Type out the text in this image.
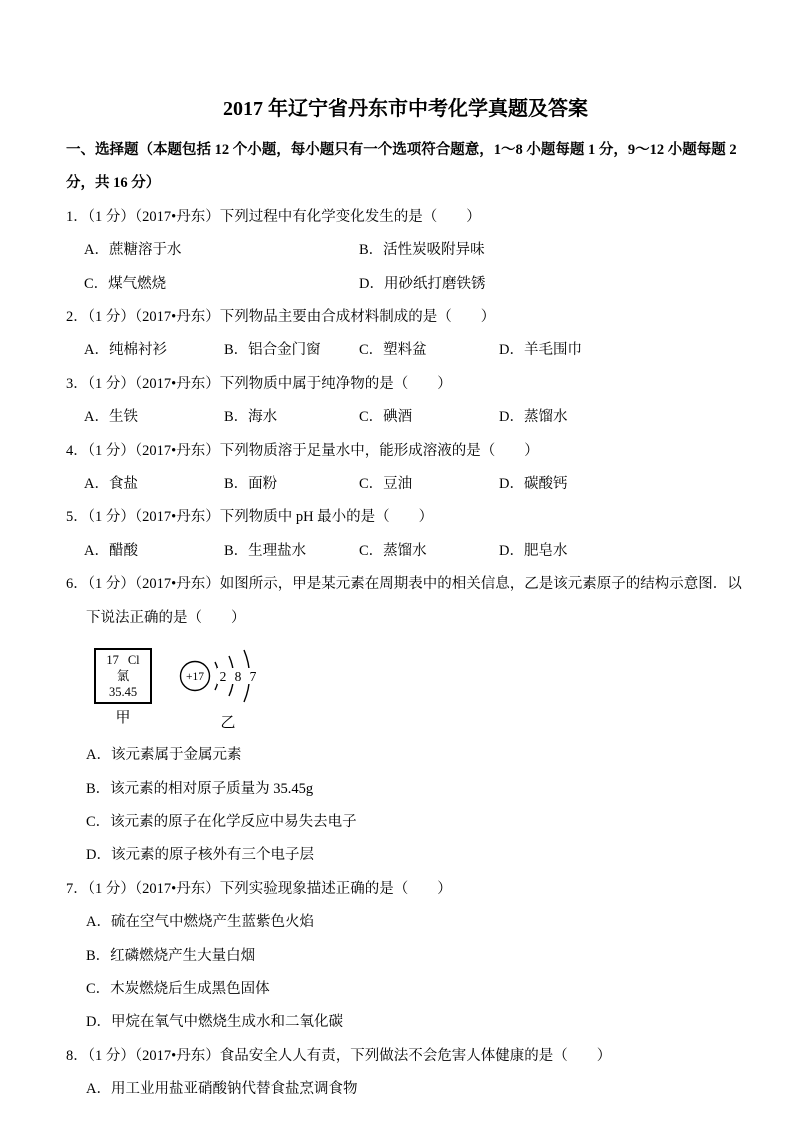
2017 年辽宁省丹东市中考化学真题及答案

一、选择题（本题包括 12 个小题，每小题只有一个选项符合题意，1～8 小题每题 1 分，9～12 小题每题 2

分，共 16 分）

1．（1 分）（2017•丹东）下列过程中有化学变化发生的是（　　）

A．蔗糖溶于水	B．活性炭吸附异味
C．煤气燃烧	D．用砂纸打磨铁锈

2．（1 分）（2017•丹东）下列物品主要由合成材料制成的是（　　）

A．纯棉衬衫	B．铝合金门窗	C．塑料盆	D．羊毛围巾

3．（1 分）（2017•丹东）下列物质中属于纯净物的是（　　）

A．生铁	B．海水	C．碘酒	D．蒸馏水

4．（1 分）（2017•丹东）下列物质溶于足量水中，能形成溶液的是（　　）

A．食盐	B．面粉	C．豆油	D．碳酸钙

5．（1 分）（2017•丹东）下列物质中 pH 最小的是（　　）

A．醋酸	B．生理盐水	C．蒸馏水	D．肥皂水

6．（1 分）（2017•丹东）如图所示，甲是某元素在周期表中的相关信息，乙是该元素原子的结构示意图．以

下说法正确的是（　　）

17 Cl
氯
35.45
甲
+17 2 8 7
乙

A．该元素属于金属元素

B．该元素的相对原子质量为 35.45g

C．该元素的原子在化学反应中易失去电子

D．该元素的原子核外有三个电子层

7．（1 分）（2017•丹东）下列实验现象描述正确的是（　　）

A．硫在空气中燃烧产生蓝紫色火焰

B．红磷燃烧产生大量白烟

C．木炭燃烧后生成黑色固体

D．甲烷在氧气中燃烧生成水和二氧化碳

8．（1 分）（2017•丹东）食品安全人人有责，下列做法不会危害人体健康的是（　　）

A．用工业用盐亚硝酸钠代替食盐烹调食物
